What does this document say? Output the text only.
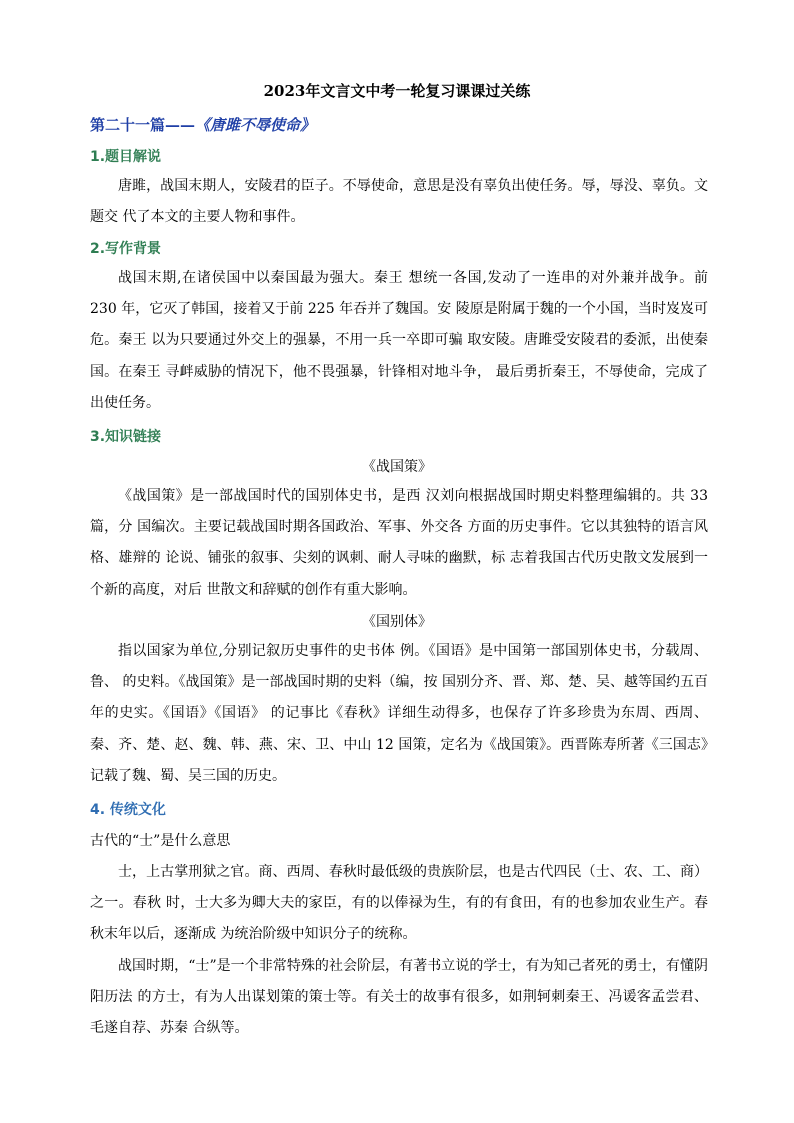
2023年文言文中考一轮复习课课过关练
第二十一篇——《唐雎不辱使命》
1.题目解说
唐雎，战国末期人，安陵君的臣子。不辱使命，意思是没有辜负出使任务。辱，辱没、辜负。文题交 代了本文的主要人物和事件。
2.写作背景
战国末期,在诸侯国中以秦国最为强大。秦王 想统一各国,发动了一连串的对外兼并战争。前 230 年，它灭了韩国，接着又于前 225 年吞并了魏国。安 陵原是附属于魏的一个小国，当时岌岌可危。秦王 以为只要通过外交上的强暴，不用一兵一卒即可骗 取安陵。唐雎受安陵君的委派，出使秦国。在秦王 寻衅威胁的情况下，他不畏强暴，针锋相对地斗争， 最后勇折秦王，不辱使命，完成了出使任务。
3.知识链接
《战国策》
《战国策》是一部战国时代的国别体史书，是西 汉刘向根据战国时期史料整理编辑的。共 33 篇，分 国编次。主要记载战国时期各国政治、军事、外交各 方面的历史事件。它以其独特的语言风格、雄辩的 论说、铺张的叙事、尖刻的讽刺、耐人寻味的幽默，标 志着我国古代历史散文发展到一个新的高度，对后 世散文和辞赋的创作有重大影响。
《国别体》
指以国家为单位,分别记叙历史事件的史书体 例。《国语》是中国第一部国别体史书，分载周、鲁、 的史料。《战国策》是一部战国时期的史料（编，按 国别分齐、晋、郑、楚、吴、越等国约五百年的史实。《国语》《国语》 的记事比《春秋》详细生动得多，也保存了许多珍贵为东周、西周、秦、齐、楚、赵、魏、韩、燕、宋、卫、中山 12 国策，定名为《战国策》。西晋陈寿所著《三国志》记载了魏、蜀、吴三国的历史。
4. 传统文化
古代的“士”是什么意思
士，上古掌刑狱之官。商、西周、春秋时最低级的贵族阶层，也是古代四民（士、农、工、商）之一。春秋 时，士大多为卿大夫的家臣，有的以俸禄为生，有的有食田，有的也参加农业生产。春秋末年以后，逐渐成 为统治阶级中知识分子的统称。
战国时期，“士”是一个非常特殊的社会阶层，有著书立说的学士，有为知己者死的勇士，有懂阴阳历法 的方士，有为人出谋划策的策士等。有关士的故事有很多，如荆轲刺秦王、冯谖客孟尝君、毛遂自荐、苏秦 合纵等。
